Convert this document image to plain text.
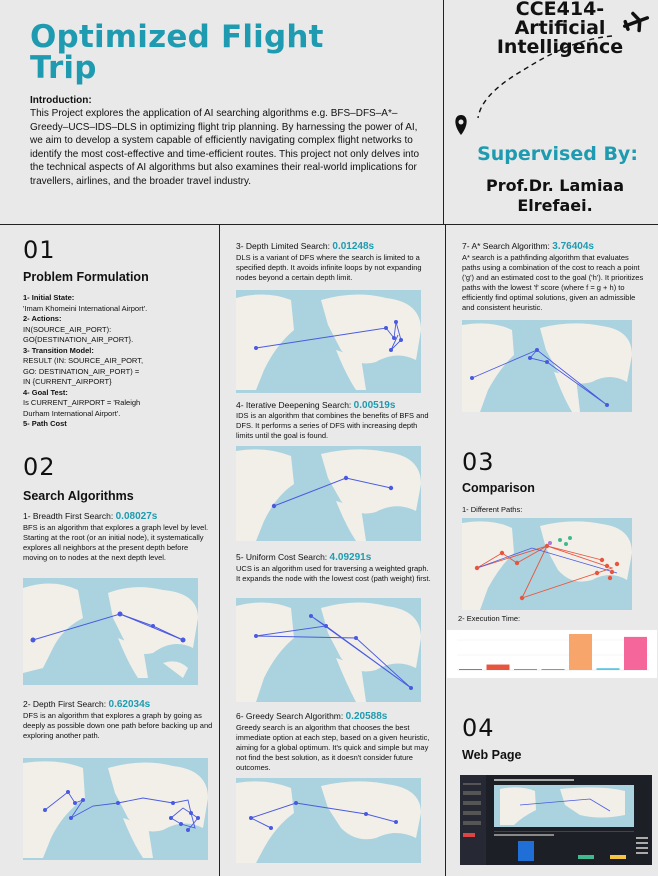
Optimized Flight
Trip
Introduction:
This Project explores the application of AI searching algorithms e.g. BFS–DFS–A*–Greedy–UCS–IDS–DLS in optimizing flight trip planning. By harnessing the power of AI, we aim to develop a system capable of efficiently navigating complex flight networks to identify the most cost-effective and time-efficient routes. This project not only delves into the technical aspects of AI algorithms but also examines their real-world implications for travellers, airlines, and the broader travel industry.
CCE414-
Artificial
Intelligence
Supervised By:
Prof.Dr. Lamiaa
Elrefaei.
01
Problem Formulation
1- Initial State:
'Imam Khomeini International Airport'.
2- Actions:
IN(SOURCE_AIR_PORT):
GO{DESTINATION_AIR_PORT}.
3- Transition Model:
RESULT (IN: SOURCE_AIR_PORT,
GO: DESTINATION_AIR_PORT) =
IN {CURRENT_AIRPORT}
4- Goal Test:
Is CURRENT_AIRPORT = 'Raleigh
Durham International Airport'.
5- Path Cost
02
Search Algorithms
1- Breadth First Search: 0.08027s
BFS is an algorithm that explores a graph level by level. Starting at the root (or an initial node), it systematically explores all neighbors at the present depth before moving on to nodes at the next depth level.
2- Depth First Search: 0.62034s
DFS is an algorithm that explores a graph by going as deeply as possible down one path before backing up and exploring another path.
3- Depth Limited Search: 0.01248s
DLS is a variant of DFS where the search is limited to a specified depth. It avoids infinite loops by not expanding nodes beyond a certain depth limit.
4- Iterative Deepening Search: 0.00519s
IDS is an algorithm that combines the benefits of BFS and DFS. It performs a series of DFS with increasing depth limits until the goal is found.
5- Uniform Cost Search: 4.09291s
UCS is an algorithm used for traversing a weighted graph. It expands the node with the lowest cost (path weight) first.
6- Greedy Search Algorithm: 0.20588s
Greedy search is an algorithm that chooses the best immediate option at each step, based on a given heuristic, aiming for a global optimum. It's quick and simple but may not find the best solution, as it doesn't consider future outcomes.
7- A* Search Algorithm: 3.76404s
A* search is a pathfinding algorithm that evaluates paths using a combination of the cost to reach a point ('g') and an estimated cost to the goal ('h'). It prioritizes paths with the lowest 'f' score (where f = g + h) to efficiently find optimal solutions, given an admissible and consistent heuristic.
03
Comparison
1- Different Paths:
2- Execution Time:
04
Web Page
